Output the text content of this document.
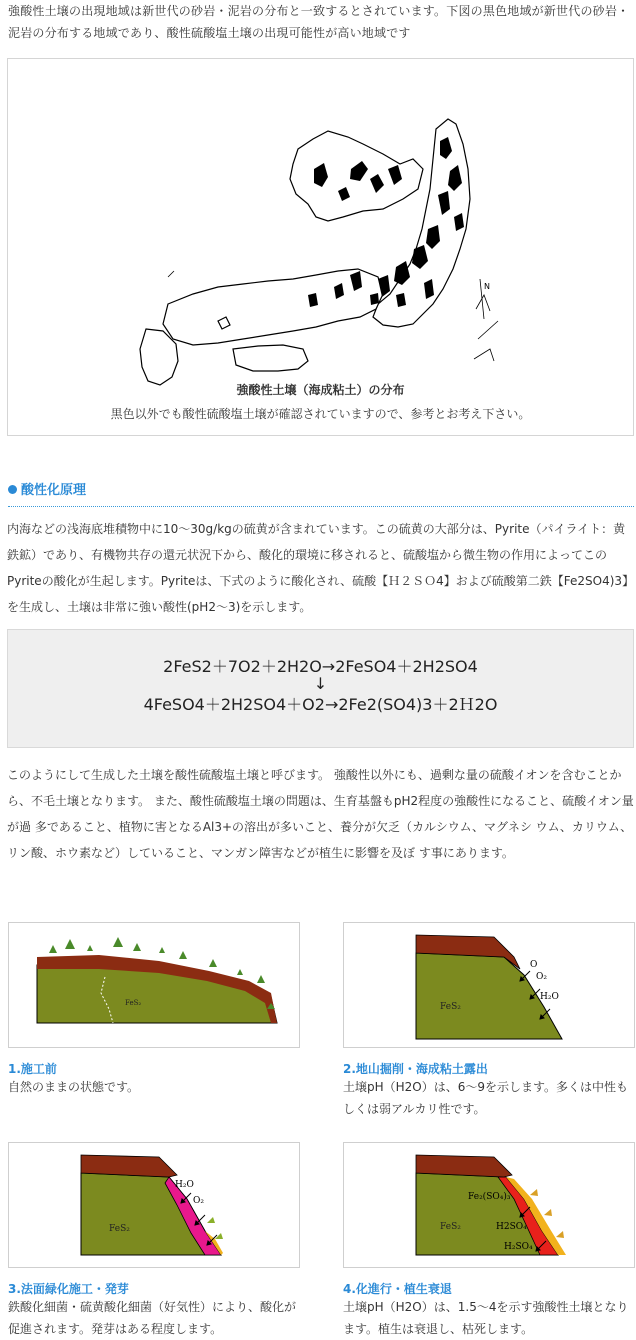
強酸性土壌の出現地域は新世代の砂岩・泥岩の分布と一致するとされています。下図の黒色地域が新世代の砂岩・泥岩の分布する地域であり、酸性硫酸塩土壌の出現可能性が高い地域です
N
強酸性土壌（海成粘土）の分布
黒色以外でも酸性硫酸塩土壌が確認されていますので、参考とお考え下さい。
酸性化原理
内海などの浅海底堆積物中に10～30g/kgの硫黄が含まれています。この硫黄の大部分は、Pyrite（パイライト：黄鉄鉱）であり、有機物共存の還元状況下から、酸化的環境に移されると、硫酸塩から微生物の作用によってこのPyriteの酸化が生起します。Pyriteは、下式のように酸化され、硫酸【Ｈ２ＳＯ4】および硫酸第二鉄【Fe2SO4)3】を生成し、土壌は非常に強い酸性(pH2～3)を示します。
2FeS2＋7O2＋2H2O→2FeSO4＋2H2SO4
↓
4FeSO4＋2H2SO4＋O2→2Fe2(SO4)3＋2Ｈ2O
このようにして生成した土壌を酸性硫酸塩土壌と呼びます。 強酸性以外にも、過剰な量の硫酸イオンを含むことから、不毛土壌となります。 また、酸性硫酸塩土壌の問題は、生育基盤もpH2程度の強酸性になること、硫酸イオン量が過 多であること、植物に害となるAl3+の溶出が多いこと、養分が欠乏（カルシウム、マグネシ ウム、カリウム、リン酸、ホウ素など）していること、マンガン障害などが植生に影響を及ぼ す事にあります。
FeS₂
1.施工前
自然のままの状態です。
O
O₂
H₂O
FeS₂
2.地山掘削・海成粘土露出
土壌pH（H2O）は、6～9を示します。多くは中性もしくは弱アルカリ性です。
H₂O
O₂
FeS₂
3.法面緑化施工・発芽
鉄酸化細菌・硫黄酸化細菌（好気性）により、酸化が促進されます。発芽はある程度します。
Fe₂(SO₄)₃
H2SO₄
H₂SO₄
FeS₂
4.化進行・植生衰退
土壌pH（H2O）は、1.5～4を示す強酸性土壌となります。植生は衰退し、枯死します。
